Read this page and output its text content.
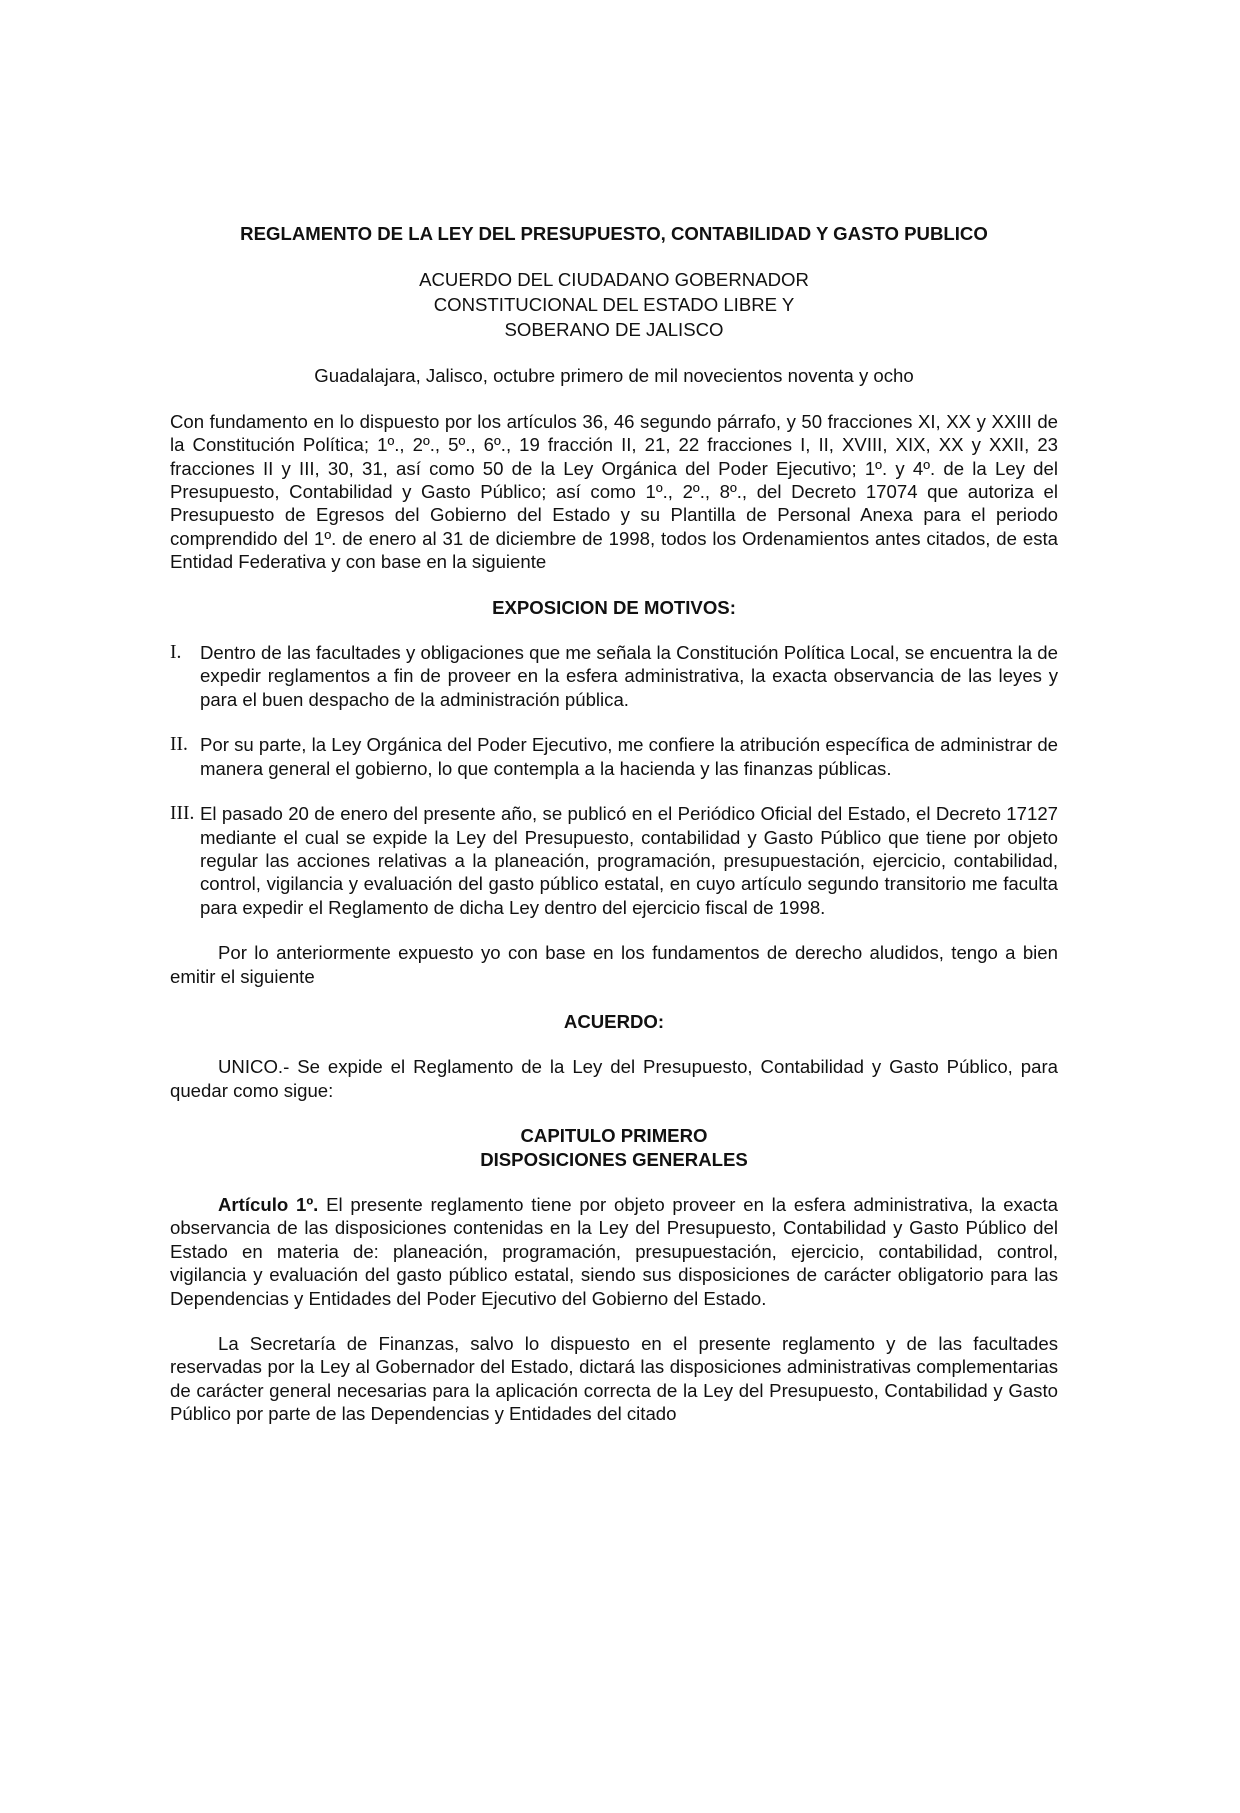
REGLAMENTO DE LA LEY DEL PRESUPUESTO, CONTABILIDAD Y GASTO PUBLICO
ACUERDO DEL CIUDADANO GOBERNADOR
CONSTITUCIONAL DEL ESTADO LIBRE Y
SOBERANO DE JALISCO
Guadalajara, Jalisco, octubre primero de mil novecientos noventa y ocho

Con fundamento en lo dispuesto por los artículos 36, 46 segundo párrafo, y 50 fracciones XI, XX y XXIII de la Constitución Política; 1º., 2º., 5º., 6º., 19 fracción II, 21, 22 fracciones I, II, XVIII, XIX, XX y XXII, 23 fracciones II y III, 30, 31, así como 50 de la Ley Orgánica del Poder Ejecutivo; 1º. y 4º. de la Ley del Presupuesto, Contabilidad y Gasto Público; así como 1º., 2º., 8º., del Decreto 17074 que autoriza el Presupuesto de Egresos del Gobierno del Estado y su Plantilla de Personal Anexa para el periodo comprendido del 1º. de enero al 31 de diciembre de 1998, todos los Ordenamientos antes citados, de esta Entidad Federativa y con base en la siguiente

EXPOSICION DE MOTIVOS:
I.	Dentro de las facultades y obligaciones que me señala la Constitución Política Local, se encuentra la de expedir reglamentos a fin de proveer en la esfera administrativa, la exacta observancia de las leyes y para el buen despacho de la administración pública.
II. Por su parte, la Ley Orgánica del Poder Ejecutivo, me confiere la atribución específica de administrar de manera general el gobierno, lo que contempla a la hacienda y las finanzas públicas.
III. El pasado 20 de enero del presente año, se publicó en el Periódico Oficial del Estado, el Decreto 17127 mediante el cual se expide la Ley del Presupuesto, contabilidad y Gasto Público que tiene por objeto regular las acciones relativas a la planeación, programación, presupuestación, ejercicio, contabilidad, control, vigilancia y evaluación del gasto público estatal, en cuyo artículo segundo transitorio me faculta para expedir el Reglamento de dicha Ley dentro del ejercicio fiscal de 1998.

Por lo anteriormente expuesto yo con base en los fundamentos de derecho aludidos, tengo a bien emitir el siguiente

ACUERDO:

UNICO.- Se expide el Reglamento de la Ley del Presupuesto, Contabilidad y Gasto Público, para quedar como sigue:

CAPITULO PRIMERO
DISPOSICIONES GENERALES

Artículo 1º. El presente reglamento tiene por objeto proveer en la esfera administrativa, la exacta observancia de las disposiciones contenidas en la Ley del Presupuesto, Contabilidad y Gasto Público del Estado en materia de: planeación, programación, presupuestación, ejercicio, contabilidad, control, vigilancia y evaluación del gasto público estatal, siendo sus disposiciones de carácter obligatorio para las Dependencias y Entidades del Poder Ejecutivo del Gobierno del Estado.

La Secretaría de Finanzas, salvo lo dispuesto en el presente reglamento y de las facultades reservadas por la Ley al Gobernador del Estado, dictará las disposiciones administrativas complementarias de carácter general necesarias para la aplicación correcta de la Ley del Presupuesto, Contabilidad y Gasto Público por parte de las Dependencias y Entidades del citado
